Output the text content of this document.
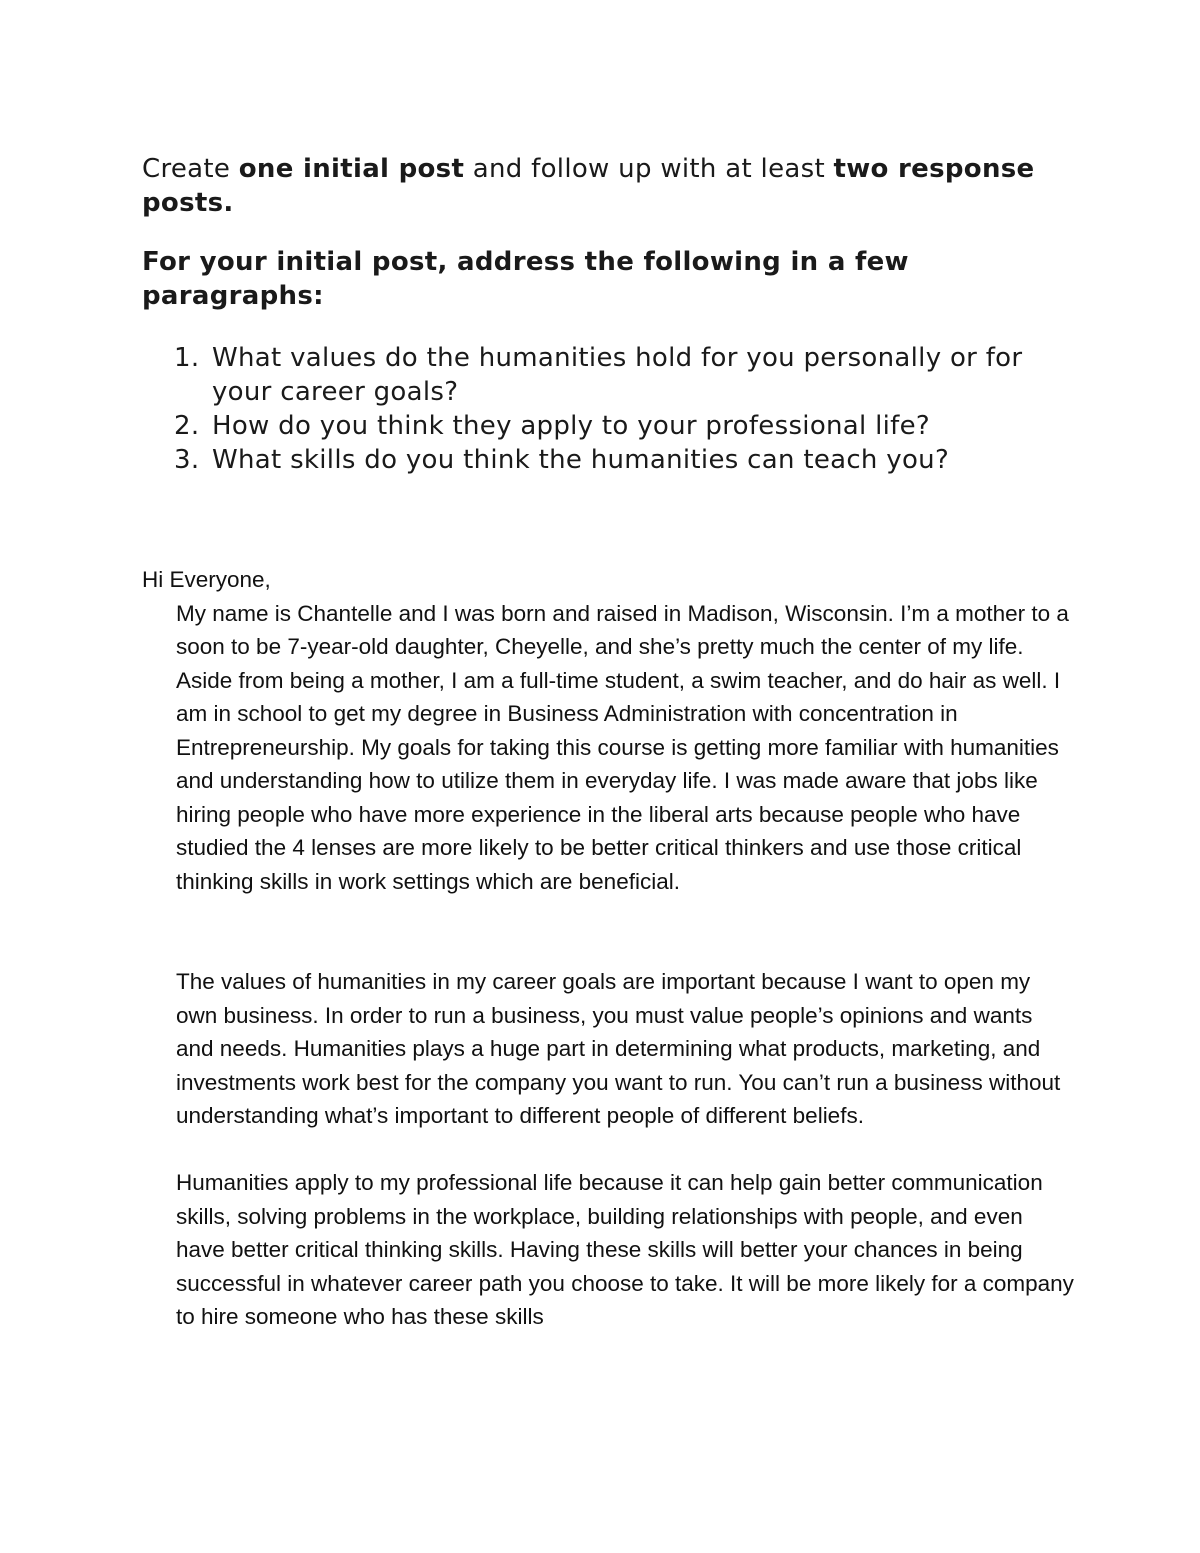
Create one initial post and follow up with at least two response posts.

For your initial post, address the following in a few paragraphs:

1. What values do the humanities hold for you personally or for your career goals?
2. How do you think they apply to your professional life?
3. What skills do you think the humanities can teach you?

Hi Everyone,

My name is Chantelle and I was born and raised in Madison, Wisconsin. I’m a mother to a soon to be 7-year-old daughter, Cheyelle, and she’s pretty much the center of my life. Aside from being a mother, I am a full-time student, a swim teacher, and do hair as well. I am in school to get my degree in Business Administration with concentration in Entrepreneurship. My goals for taking this course is getting more familiar with humanities and understanding how to utilize them in everyday life. I was made aware that jobs like hiring people who have more experience in the liberal arts because people who have studied the 4 lenses are more likely to be better critical thinkers and use those critical thinking skills in work settings which are beneficial.

The values of humanities in my career goals are important because I want to open my own business. In order to run a business, you must value people’s opinions and wants and needs. Humanities plays a huge part in determining what products, marketing, and investments work best for the company you want to run. You can’t run a business without understanding what’s important to different people of different beliefs.

Humanities apply to my professional life because it can help gain better communication skills, solving problems in the workplace, building relationships with people, and even have better critical thinking skills. Having these skills will better your chances in being successful in whatever career path you choose to take. It will be more likely for a company to hire someone who has these skills
